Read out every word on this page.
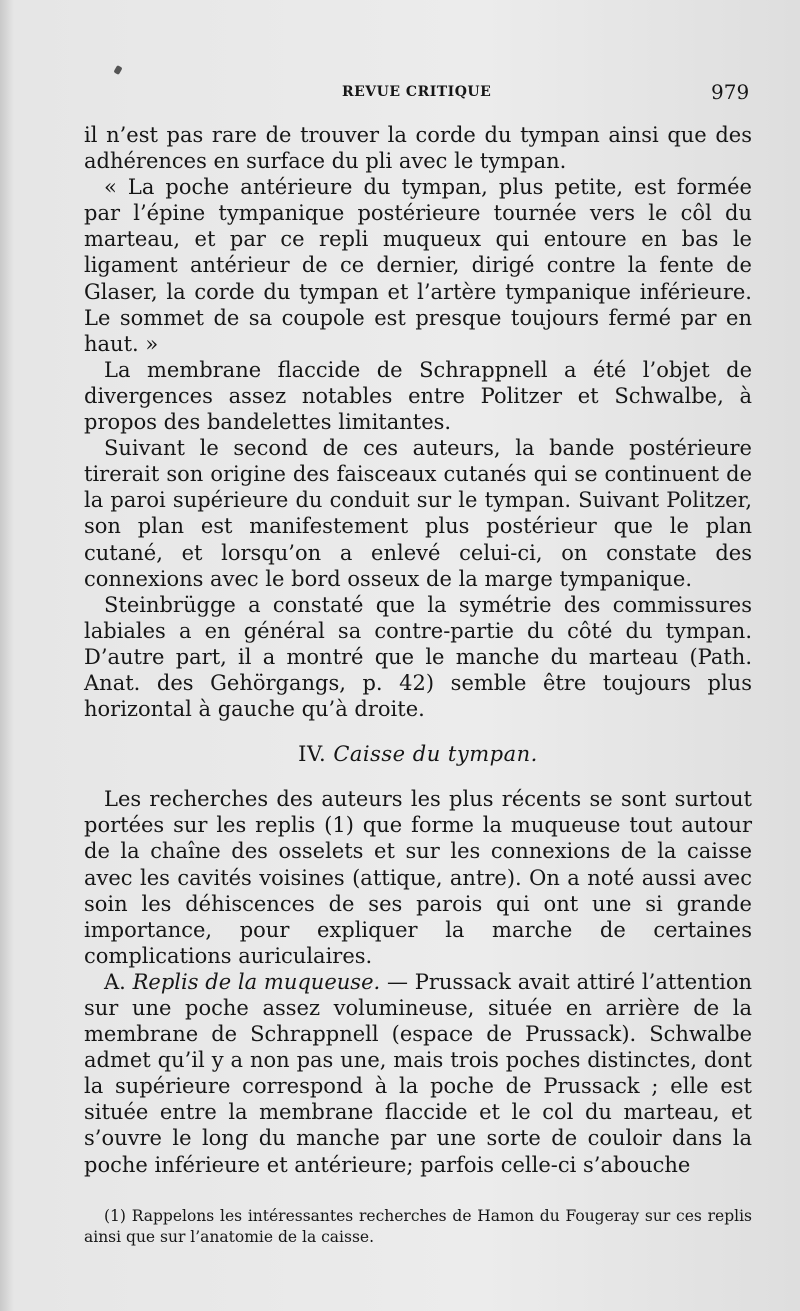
REVUE CRITIQUE	979

il n’est pas rare de trouver la corde du tympan ainsi que des adhérences en surface du pli avec le tympan.

« La poche antérieure du tympan, plus petite, est formée par l’épine tympanique postérieure tournée vers le côl du marteau, et par ce repli muqueux qui entoure en bas le ligament antérieur de ce dernier, dirigé contre la fente de Glaser, la corde du tympan et l’artère tympanique inférieure. Le sommet de sa coupole est presque toujours fermé par en haut. »

La membrane flaccide de Schrappnell a été l’objet de divergences assez notables entre Politzer et Schwalbe, à propos des bandelettes limitantes.

Suivant le second de ces auteurs, la bande postérieure tirerait son origine des faisceaux cutanés qui se continuent de la paroi supérieure du conduit sur le tympan. Suivant Politzer, son plan est manifestement plus postérieur que le plan cutané, et lorsqu’on a enlevé celui-ci, on constate des connexions avec le bord osseux de la marge tympanique.

Steinbrügge a constaté que la symétrie des commissures labiales a en général sa contre-partie du côté du tympan. D’autre part, il a montré que le manche du marteau (Path. Anat. des Gehörgangs, p. 42) semble être toujours plus horizontal à gauche qu’à droite.

IV. Caisse du tympan.

Les recherches des auteurs les plus récents se sont surtout portées sur les replis (1) que forme la muqueuse tout autour de la chaîne des osselets et sur les connexions de la caisse avec les cavités voisines (attique, antre). On a noté aussi avec soin les déhiscences de ses parois qui ont une si grande importance, pour expliquer la marche de certaines complications auriculaires.

A. Replis de la muqueuse. — Prussack avait attiré l’attention sur une poche assez volumineuse, située en arrière de la membrane de Schrappnell (espace de Prussack). Schwalbe admet qu’il y a non pas une, mais trois poches distinctes, dont la supérieure correspond à la poche de Prussack ; elle est située entre la membrane flaccide et le col du marteau, et s’ouvre le long du manche par une sorte de couloir dans la poche inférieure et antérieure; parfois celle-ci s’abouche

(1) Rappelons les intéressantes recherches de Hamon du Fougeray sur ces replis ainsi que sur l’anatomie de la caisse.
